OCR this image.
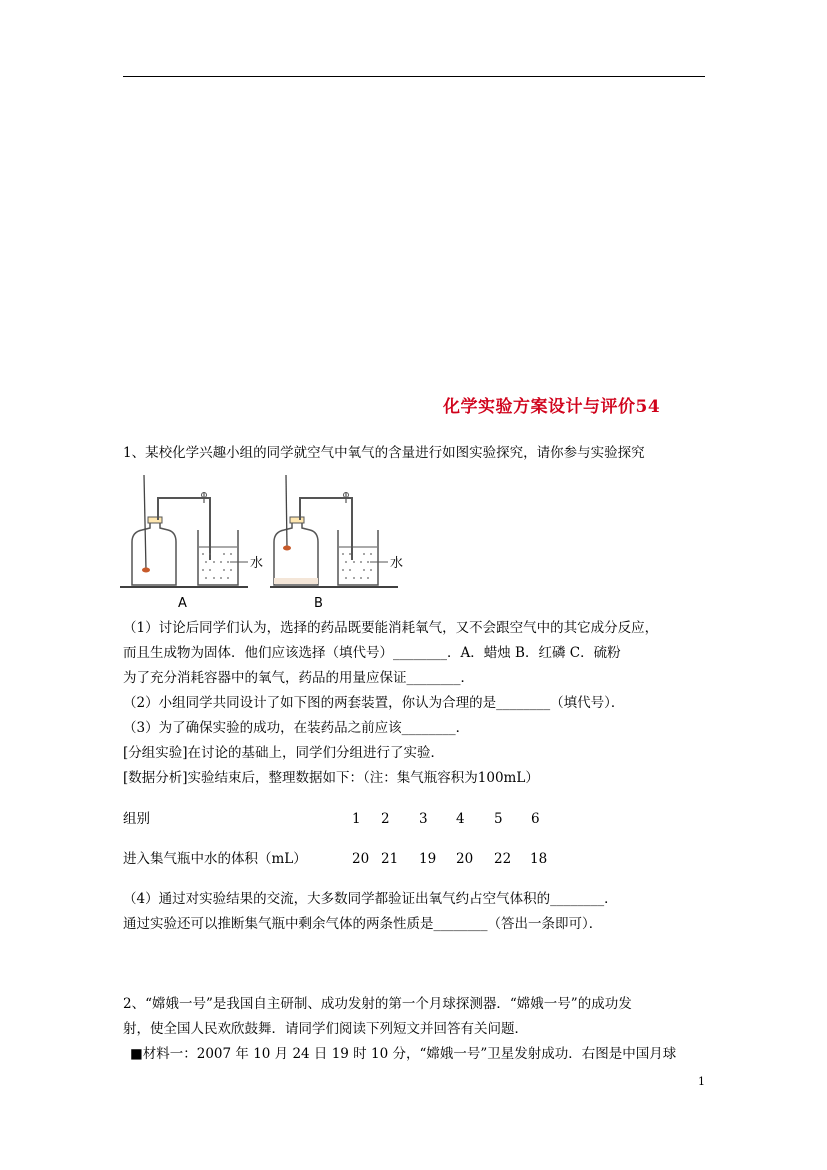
化学实验方案设计与评价54
1、某校化学兴趣小组的同学就空气中氧气的含量进行如图实验探究，请你参与实验探究
水
A
水
B
（1）讨论后同学们认为，选择的药品既要能消耗氧气，又不会跟空气中的其它成分反应，
而且生成物为固体．他们应该选择（填代号）________．A．蜡烛 B．红磷 C．硫粉
为了充分消耗容器中的氧气，药品的用量应保证________．
（2）小组同学共同设计了如下图的两套装置，你认为合理的是________（填代号）．
（3）为了确保实验的成功，在装药品之前应该________．
[分组实验]在讨论的基础上，同学们分组进行了实验．
[数据分析]实验结束后，整理数据如下：（注：集气瓶容积为100mL）
组别	1 2 3 4 5 6
进入集气瓶中水的体积（mL）	20 21 19 20 22 18
（4）通过对实验结果的交流，大多数同学都验证出氧气约占空气体积的________．
通过实验还可以推断集气瓶中剩余气体的两条性质是________（答出一条即可）．
2、“嫦娥一号”是我国自主研制、成功发射的第一个月球探测器．“嫦娥一号”的成功发
射，使全国人民欢欣鼓舞．请同学们阅读下列短文并回答有关问题．
■材料一：2007 年 10 月 24 日 19 时 10 分，“嫦娥一号”卫星发射成功．右图是中国月球
1
